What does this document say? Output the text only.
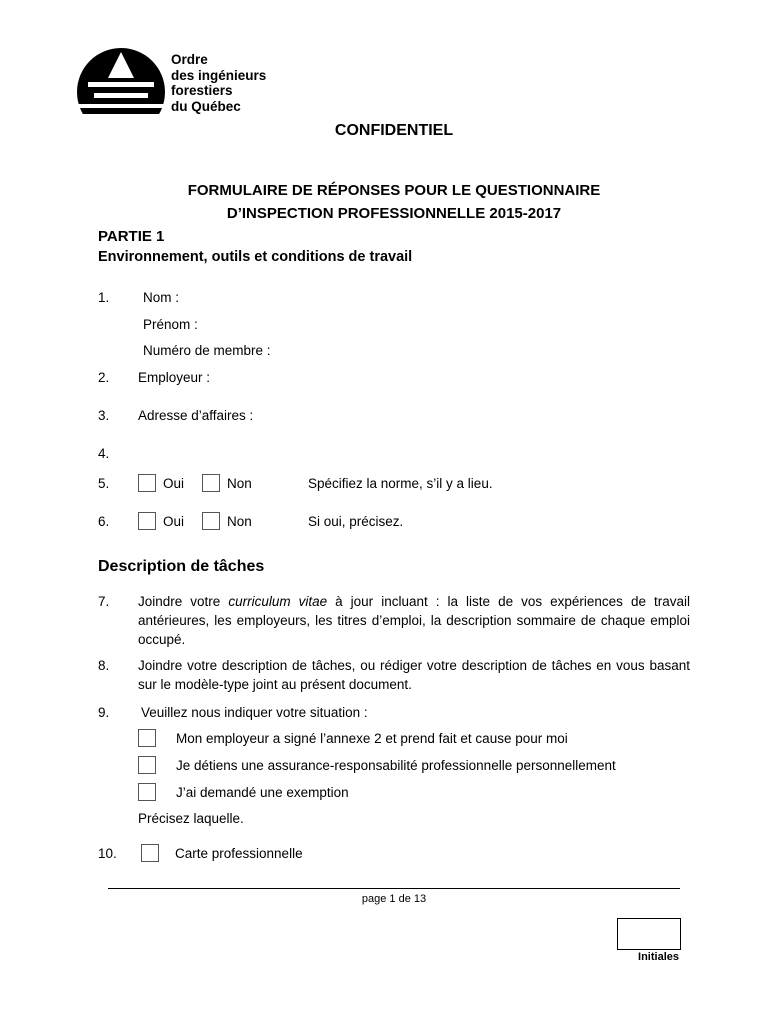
Ordre
des ingénieurs
forestiers
du Québec
CONFIDENTIEL
FORMULAIRE DE RÉPONSES POUR LE QUESTIONNAIRE
D’INSPECTION PROFESSIONNELLE 2015-2017
PARTIE 1
Environnement, outils et conditions de travail
1. Nom :
Prénom :
Numéro de membre :
2. Employeur :
3. Adresse d’affaires :
4.
5.	Oui	Non	Spécifiez la norme, s’il y a lieu.
6.	Oui	Non	Si oui, précisez.
Description de tâches
7. Joindre votre curriculum vitae à jour incluant : la liste de vos expériences de travail antérieures, les employeurs, les titres d’emploi, la description sommaire de chaque emploi occupé.
8. Joindre votre description de tâches, ou rédiger votre description de tâches en vous basant sur le modèle-type joint au présent document.
9. Veuillez nous indiquer votre situation :
Mon employeur a signé l’annexe 2 et prend fait et cause pour moi
Je détiens une assurance-responsabilité professionnelle personnellement
J’ai demandé une exemption
Précisez laquelle.
10.	Carte professionnelle
page 1 de 13
Initiales
